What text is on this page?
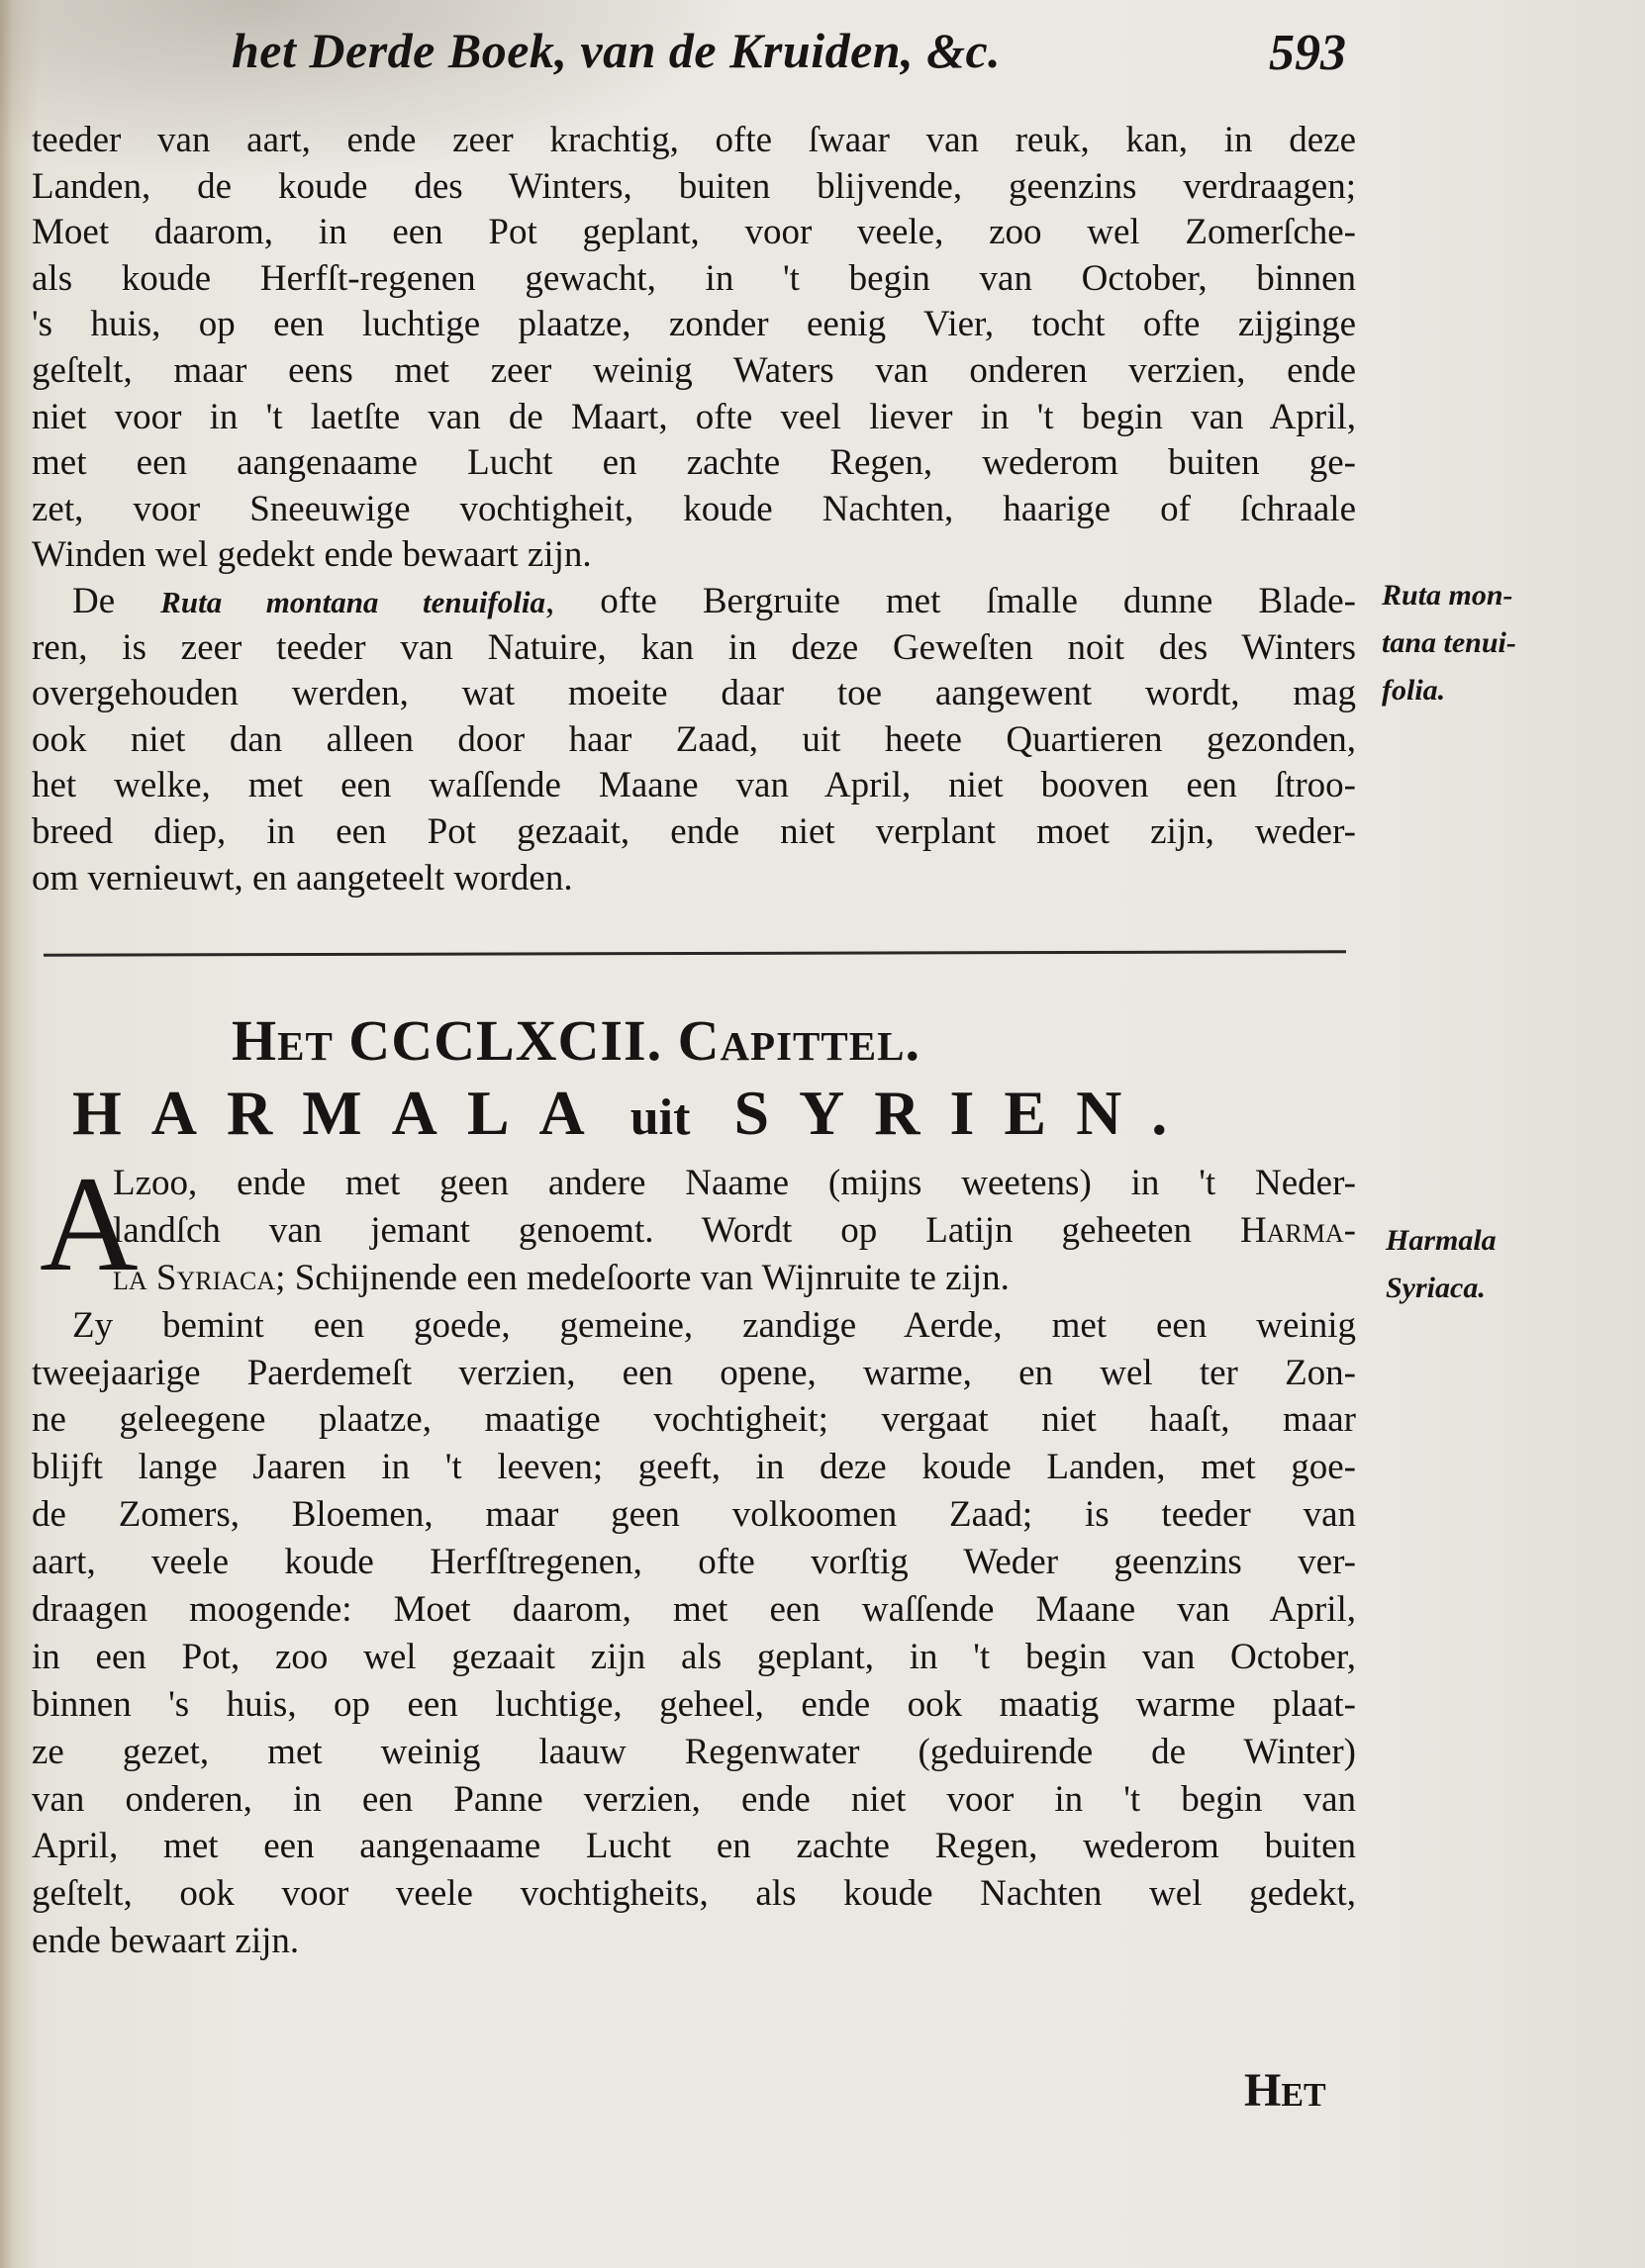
het Derde Boek, van de Kruiden, &c.	593
teeder van aart, ende zeer krachtig, ofte ſwaar van reuk, kan, in deze
Landen, de koude des Winters, buiten blijvende, geenzins verdraagen;
Moet daarom, in een Pot geplant, voor veele, zoo wel Zomerſche-
als koude Herfſt-regenen gewacht, in 't begin van October, binnen
's huis, op een luchtige plaatze, zonder eenig Vier, tocht ofte zijginge
geſtelt, maar eens met zeer weinig Waters van onderen verzien, ende
niet voor in 't laetſte van de Maart, ofte veel liever in 't begin van April,
met een aangenaame Lucht en zachte Regen, wederom buiten ge-
zet, voor Sneeuwige vochtigheit, koude Nachten, haarige of ſchraale
Winden wel gedekt ende bewaart zijn.
De Ruta montana tenuifolia, ofte Bergruite met ſmalle dunne Blade-
ren, is zeer teeder van Natuire, kan in deze Geweſten noit des Winters
overgehouden werden, wat moeite daar toe aangewent wordt, mag
ook niet dan alleen door haar Zaad, uit heete Quartieren gezonden,
het welke, met een waſſende Maane van April, niet booven een ſtroo-
breed diep, in een Pot gezaait, ende niet verplant moet zijn, weder-
om vernieuwt, en aangeteelt worden.
Ruta mon-
tana tenui-
folia.
Het CCCLXCII. Capittel.
HARMALA uit SYRIEN.
A
Lzoo, ende met geen andere Naame (mijns weetens) in 't Neder-
landſch van jemant genoemt. Wordt op Latijn geheeten Harma-
la Syriaca; Schijnende een medeſoorte van Wijnruite te zijn.
Zy bemint een goede, gemeine, zandige Aerde, met een weinig
tweejaarige Paerdemeſt verzien, een opene, warme, en wel ter Zon-
ne geleegene plaatze, maatige vochtigheit; vergaat niet haaſt, maar
blijft lange Jaaren in 't leeven; geeft, in deze koude Landen, met goe-
de Zomers, Bloemen, maar geen volkoomen Zaad; is teeder van
aart, veele koude Herfſtregenen, ofte vorſtig Weder geenzins ver-
draagen moogende: Moet daarom, met een waſſende Maane van April,
in een Pot, zoo wel gezaait zijn als geplant, in 't begin van October,
binnen 's huis, op een luchtige, geheel, ende ook maatig warme plaat-
ze gezet, met weinig laauw Regenwater (geduirende de Winter)
van onderen, in een Panne verzien, ende niet voor in 't begin van
April, met een aangenaame Lucht en zachte Regen, wederom buiten
geſtelt, ook voor veele vochtigheits, als koude Nachten wel gedekt,
ende bewaart zijn.
Harmala
Syriaca.
Het
